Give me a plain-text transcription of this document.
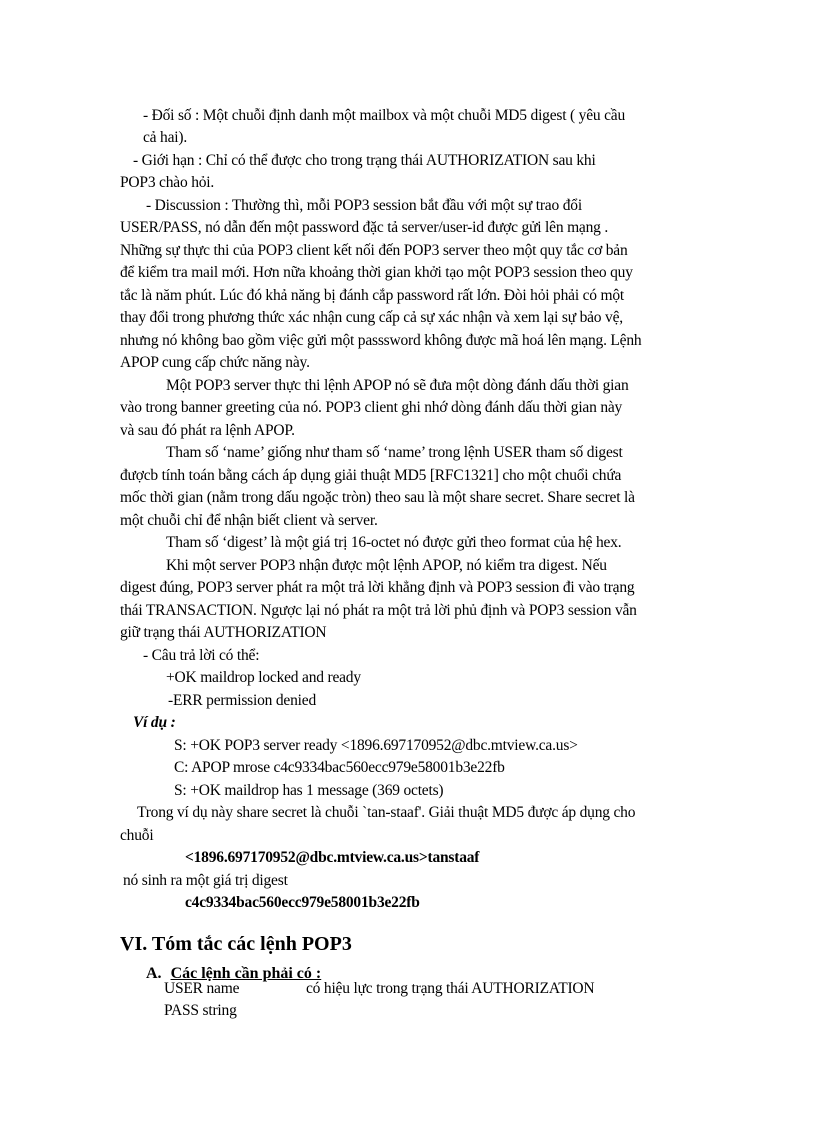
- Đối số : Một chuỗi định danh một mailbox và một chuỗi MD5 digest ( yêu cầu
cả hai).
- Giới hạn : Chỉ có thể được cho trong trạng thái AUTHORIZATION sau khi
POP3 chào hỏi.
- Discussion : Thường thì, mỗi POP3 session bắt đầu với một sự trao đổi
USER/PASS, nó dẫn đến một password đặc tả server/user-id được gửi lên mạng .
Những sự thực thi của POP3 client kết nối đến POP3 server theo một quy tắc cơ bản
để kiểm tra mail mới. Hơn nữa khoảng thời gian khởi tạo một POP3 session theo quy
tắc là năm phút. Lúc đó khả năng bị đánh cắp password rất lớn. Đòi hỏi phải có một
thay đổi trong phương thức xác nhận cung cấp cả sự xác nhận và xem lại sự bảo vệ,
nhưng nó không bao gồm việc gửi một passsword không được mã hoá lên mạng. Lệnh
APOP cung cấp chức năng này.
Một POP3 server thực thi lệnh APOP nó sẽ đưa một dòng đánh dấu thời gian
vào trong banner greeting của nó. POP3 client ghi nhớ dòng đánh dấu thời gian này
và sau đó phát ra lệnh APOP.
Tham số ‘name’ giống như tham số ‘name’ trong lệnh USER tham số digest
đượcb tính toán bằng cách áp dụng giải thuật MD5 [RFC1321] cho một chuổi chứa
mốc thời gian (nằm trong dấu ngoặc tròn) theo sau là một share secret. Share secret là
một chuỗi chỉ để nhận biết client và server.
Tham số ‘digest’ là một giá trị 16-octet nó được gửi theo format của hệ hex.
Khi một server POP3 nhận được một lệnh APOP, nó kiểm tra digest. Nếu
digest đúng, POP3 server phát ra một trả lời khẳng định và POP3 session đi vào trạng
thái TRANSACTION. Ngược lại nó phát ra một trả lời phủ định và POP3 session vẫn
giữ trạng thái AUTHORIZATION
- Câu trả lời có thể:
+OK maildrop locked and ready
-ERR permission denied
Ví dụ :
S: +OK POP3 server ready <1896.697170952@dbc.mtview.ca.us>
C: APOP mrose c4c9334bac560ecc979e58001b3e22fb
S: +OK maildrop has 1 message (369 octets)
Trong ví dụ này share secret là chuỗi `tan-staaf'. Giải thuật MD5 được áp dụng cho
chuỗi
<1896.697170952@dbc.mtview.ca.us>tanstaaf
nó sinh ra một giá trị digest
c4c9334bac560ecc979e58001b3e22fb
VI. Tóm tắc các lệnh POP3
A. Các lệnh cần phải có :
USER name	có hiệu lực trong trạng thái AUTHORIZATION
PASS string
